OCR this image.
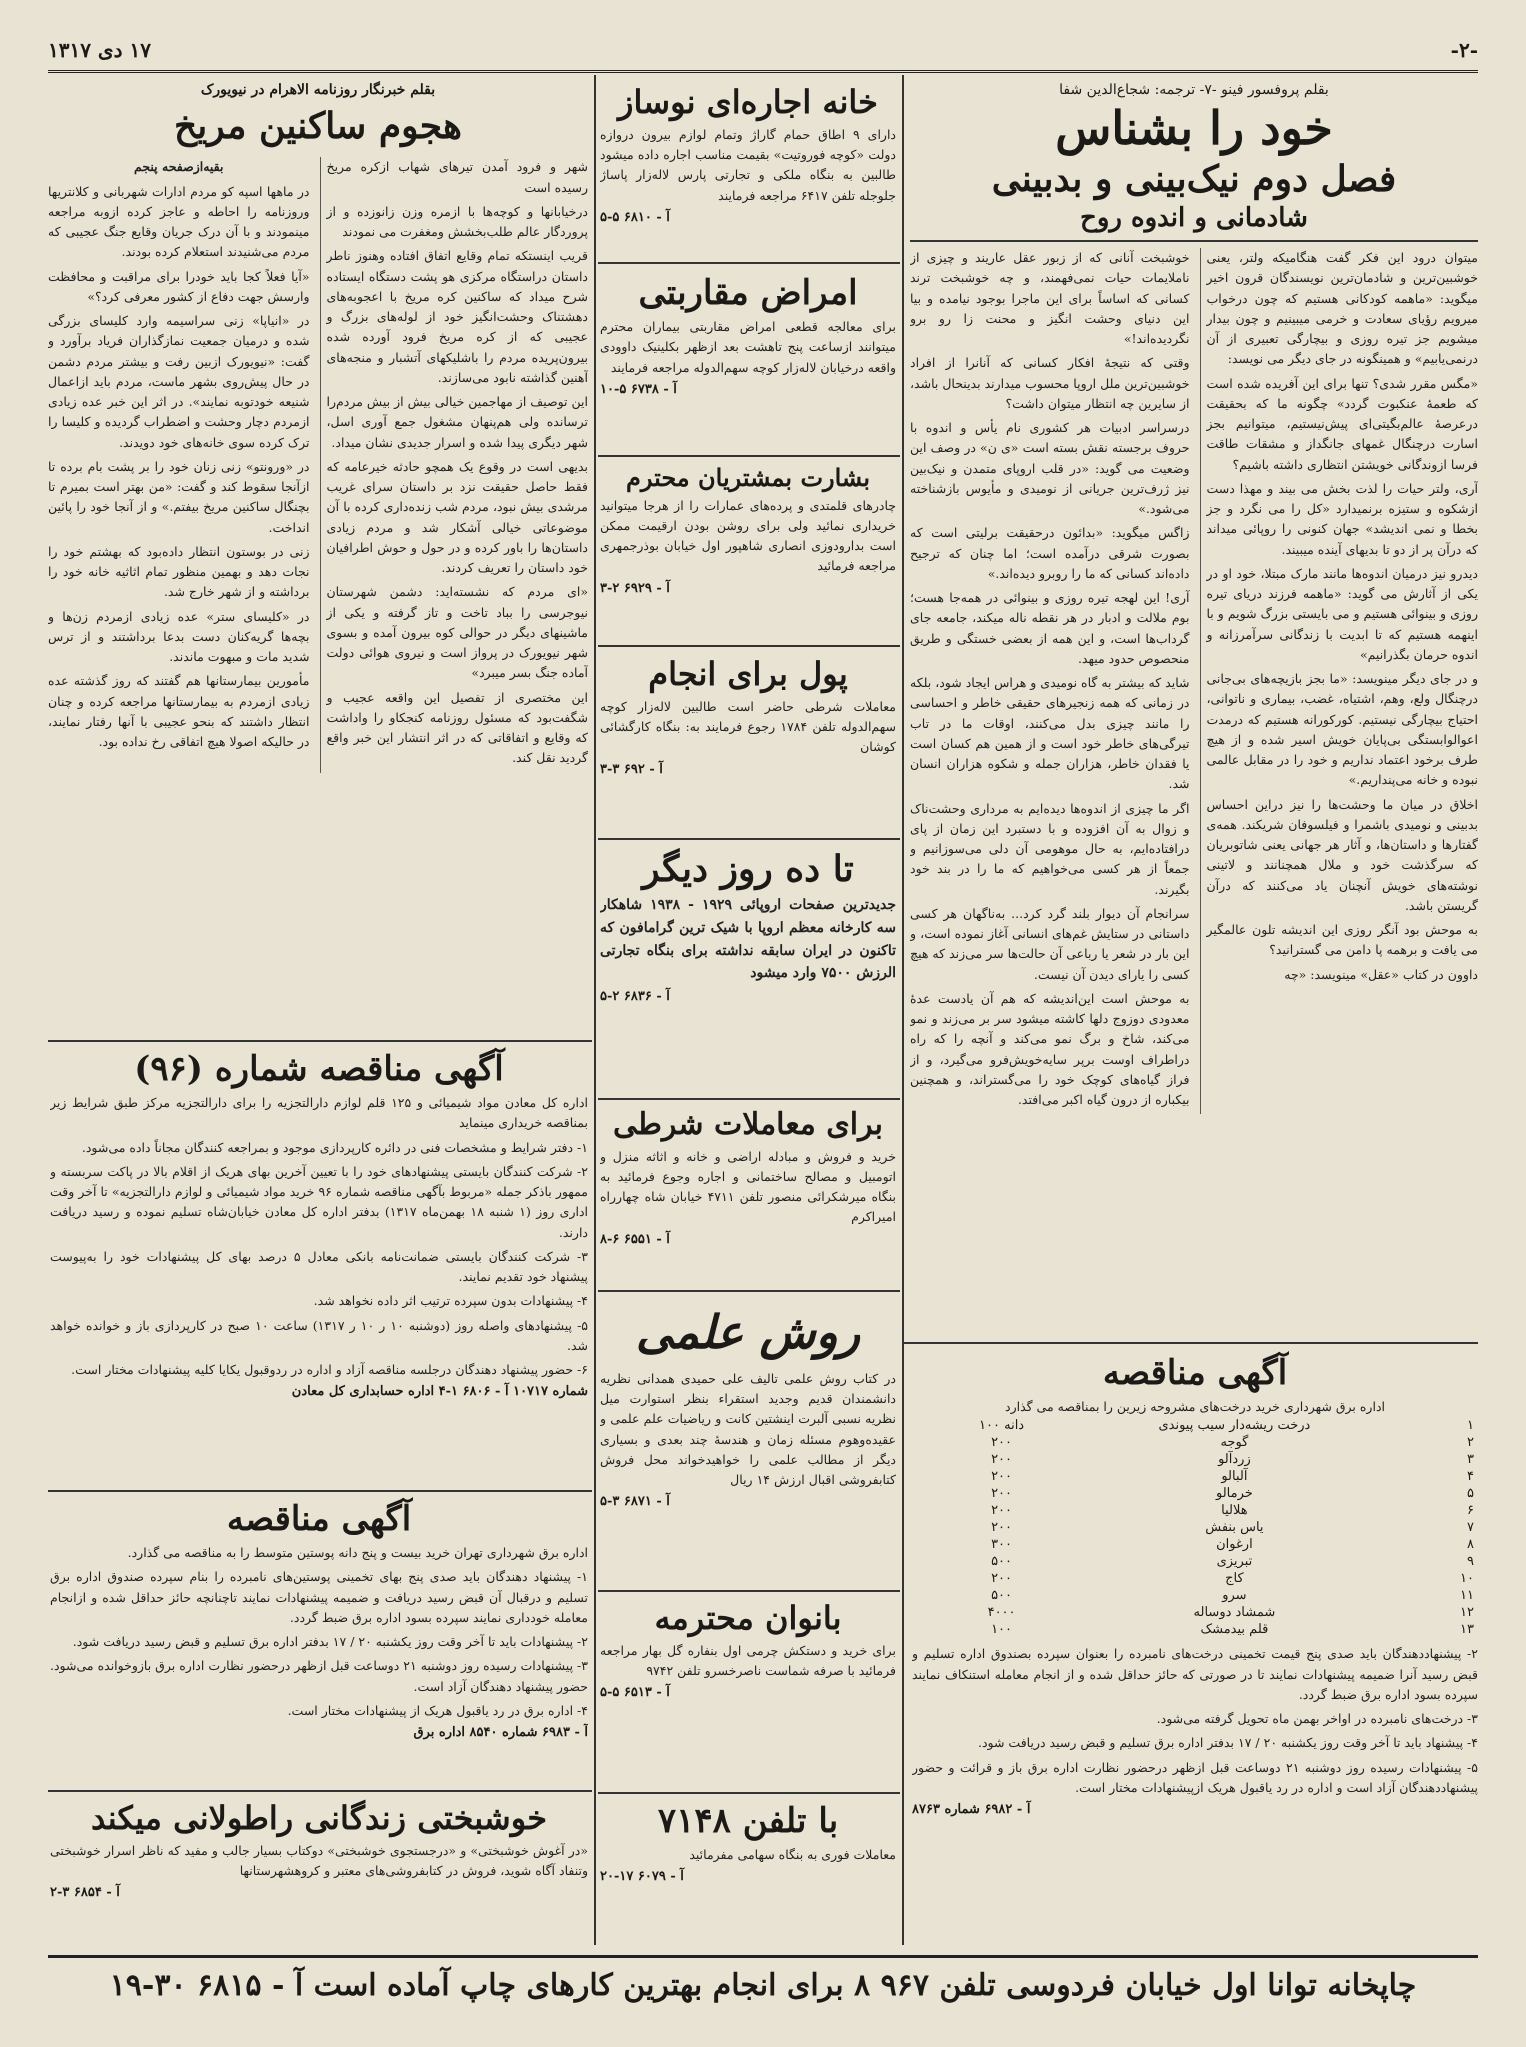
-۲-
۱۷ دی ۱۳۱۷
بقلم پروفسور فینو -۷- ترجمه: شجاع‌الدین شفا
خود را بشناس
فصل دوم نیک‌بینی و بدبینی
شادمانی و اندوه روح

میتوان درود این فکر گفت هنگامیکه ولتر، یعنی خوشبین‌ترین و شادمان‌ترین نویسندگان قرون اخیر میگوید: «ماهمه کودکانی هستیم که چون درخواب میرویم رؤیای سعادت و خرمی میبینیم و چون بیدار میشویم جز تیره روزی و بیچارگی تعبیری از آن درنمی‌یابیم» و همینگونه در جای دیگر می نویسد:

«مگس مقرر شدی؟ تنها برای این آفریده شده است که طعمهٔ عنکبوت گردد» چگونه ما که بحقیقت درعرصهٔ عالم‌بگیتی‌ای پیش‌نیستیم، میتوانیم بجز اسارت درچنگال غمهای جانگداز و مشقات طاقت فرسا ازوندگانی خویشتن انتظاری داشته باشیم؟

آری، ولتر حیات را لذت بخش می بیند و مهذا دست ازشکوه و ستیزه برنمیدارد «کل را می نگرد و جز بخطا و نمی اندیشد» جهان کنونی را روپائی میداند که درآن پر از دو تا بدیهای آینده میبیند.

دیدرو نیز درمیان اندوه‌ها مانند مارک مبتلا، خود او در یکی از آثارش می گوید: «ماهمه فرزند دریای تیره روزی و بینوائی هستیم و می بایستی بزرگ شویم و با اینهمه هستیم که تا ابدیت با زندگانی سرآمرزانه و اندوه حرمان بگذرانیم»

و در جای دیگر مینویسد: «ما بجز بازیچه‌های بی‌جانی درچنگال ولع، وهم، اشتیاه، غضب، بیماری و ناتوانی، احتیاج بیچارگی نیستیم. کورکورانه هستیم که درمدت اعوالوابستگی بی‌پایان خویش اسیر شده و از هیچ طرف برخود اعتماد نداریم و خود را در مقابل عالمی نبوده و خانه می‌پنداریم.»

اخلاق در میان ما وحشت‌ها را نیز دراین احساس بدبینی و نومیدی باشمرا و فیلسوفان شریکند. همه‌ی گفتار‌ها و داستان‌ها، و آثار هر جهانی یعنی شاتوبریان که سرگذشت خود و ملال همچنانند و لاتینی نوشته‌های خویش آنچنان یاد می‌کنند که درآن گریستن باشد.

به موحش بود آنگر روزی این اندیشه تلون عالمگیر می یافت و برهمه پا دامن می گسترانید؟

داوون در کتاب «عقل» مینویسد: «چه

خوشبخت آنانی که از زبور عقل عاریند و چیزی از ناملایمات حیات نمی‌فهمند، و چه خوشبخت ترند کسانی که اساساً برای این ماجرا بوجود نیامده و بیا این دنیای وحشت انگیز و محنت زا رو برو نگردیده‌اند!»

وقتی که نتیجهٔ افکار کسانی که آنانرا از افراد خوشبین‌ترین ملل اروپا محسوب میدارند بدینحال باشد، از سایرین چه انتظار میتوان داشت؟

درسراسر ادبیات هر کشوری نام یأس و اندوه با حروف برجسته نقش بسته است «ی ن» در وصف این وضعیت می گوید: «در قلب اروپای متمدن و نیک‌بین نیز ژرف‌ترین جریانی از نومیدی و مأیوس بازشناخته می‌شود.»

زاگس میگوید: «بدائون درحقیقت برلیتی است که بصورت شرقی درآمده است؛ اما چنان که ترجیح داده‌اند کسانی که ما را روبرو دیده‌اند.»

آری! این لهجه تیره روزی و بینوائی در همه‌جا هست؛ بوم ملالت و ادبار در هر نقطه ناله میکند، جامعه جای گرداب‌ها است، و این همه از بعضی خستگی و طریق منحصوص حدود میهد.

شاید که بیشتر به گاه نومیدی و هراس ایجاد شود، بلکه در زمانی که همه زنجیر‌های حقیقی خاطر و احساسی را مانند چیزی بدل می‌کنند، اوقات ما در تاب تیرگی‌های خاطر خود است و از همین هم کسان است یا فقدان خاطر، هزاران جمله و شکوه هزاران انسان شد.

اگر ما چیزی از اندوه‌ها دیده‌ایم به مرداری وحشت‌ناک و زوال به آن افزوده و با دستبرد این زمان از پای درافتاده‌ایم، به حال موهومی آن دلی می‌سوزانیم و جمعاً از هر کسی می‌خواهیم که ما را در بند خود بگیرند.

سرانجام آن دیوار بلند گرد کرد... به‌ناگهان هر کسی داستانی در ستایش غم‌های انسانی آغاز نموده است، و این بار در شعر یا رباعی آن حالت‌ها سر می‌زند که هیچ کسی را یارای دیدن آن نیست.

به موحش است این‌اندیشه که هم آن یادست عدهٔ معدودی دوزوج دلها کاشته میشود سر بر می‌زند و نمو می‌کند، شاخ و برگ نمو می‌کند و آنچه را که راه دراطراف اوست برپر سایه‌خویش‌فرو می‌گیرد، و از فراز گیاه‌های کوچک خود را می‌گستراند، و همچنین بیکباره از درون گیاه اکبر می‌افتد.

آگهی مناقصه
اداره برق شهرداری خرید درخت‌های مشروحه زیرین را بمناقصه می گذارد
۱	درخت ریشه‌دار سیب پیوندی	۱۰۰ دانه
۲	گوجه	۲۰۰
۳	زردآلو	۲۰۰
۴	آلبالو	۲۰۰
۵	خرمالو	۲۰۰
۶	هلالیا	۲۰۰
۷	یاس بنفش	۲۰۰
۸	ارغوان	۳۰۰
۹	تبریزی	۵۰۰
۱۰	کاج	۲۰۰
۱۱	سرو	۵۰۰
۱۲	شمشاد دوساله	۴۰۰۰
۱۳	قلم بیدمشک	۱۰۰

۲- پیشنهاددهندگان باید صدی پنج قیمت تخمینی درخت‌های نامبرده را بعنوان سپرده بصندوق اداره تسلیم و قبض رسید آنرا ضمیمه پیشنهادات نمایند تا در صورتی که حائز حداقل شده و از انجام معامله استنکاف نمایند سپرده بسود اداره برق ضبط گردد.

۳- درخت‌های نامبرده در اواخر بهمن ماه تحویل گرفته می‌شود.

۴- پیشنهاد باید تا آخر وقت روز یکشنبه ۲۰ / ۱۷ بدفتر اداره برق تسلیم و قبض رسید دریافت شود.

۵- پیشنهادات رسیده روز دوشنبه ۲۱ دوساعت قبل ازظهر درحضور نظارت اداره برق باز و قرائت و حضور پیشنهاددهندگان آزاد است و اداره در رد یاقبول هریک ازپیشنهادات مختار است.

آ - ۶۹۸۲ شماره ۸۷۶۳
خانه اجاره‌ای نوساز
دارای ۹ اطاق حمام گاراژ وتمام لوازم بیرون دروازه دولت «کوچه فوروتیت» بقیمت مناسب اجاره داده میشود طالبین به بنگاه ملکی و تجارتی پارس لاله‌زار پاساژ جلوجله تلفن ۶۴۱۷ مراجعه فرمایند
آ - ۶۸۱۰ ۵-۵
امراض مقاربتی
برای معالجه قطعی امراض مقاربتی بیماران محترم میتوانند ازساعت پنج تاهشت بعد ازظهر بکلینیک داوودی واقعه درخیابان لاله‌زار کوچه سهم‌الدوله مراجعه فرمایند
آ - ۶۷۳۸ ۵-۱۰
بشارت بمشتریان محترم
چادرهای قلمتدی و پرده‌های عمارات را از هرجا میتوانید خریداری نمائید ولی برای روشن بودن ارقیمت ممکن است بدارودوزی انصاری شاهپور اول خیابان بوذرجمهری مراجعه فرمائید
آ - ۶۹۲۹ ۲-۳
پول برای انجام
معاملات شرطی حاضر است طالبین لاله‌زار کوچه سهم‌الدوله تلفن ۱۷۸۴ رجوع فرمایند به: بنگاه کارگشائی کوشان
آ - ۶۹۲ ۳-۳
تا ده روز دیگر
جدیدترین صفحات اروپائی ۱۹۲۹ - ۱۹۳۸ شاهکار سه کارخانه معظم اروپا با شیک ترین گرامافون که تاکنون در ایران سابقه نداشته برای بنگاه تجارتی الرزش ۷۵۰۰ وارد میشود
آ - ۶۸۳۶ ۲-۵
برای معاملات شرطی
خرید و فروش و مبادله اراضی و خانه و اثاثه منزل و اتومبیل و مصالح ساختمانی و اجاره وجوع فرمائید به بنگاه میرشکرائی منصور تلفن ۴۷۱۱ خیابان شاه چهارراه امیراکرم
آ - ۶۵۵۱ ۶-۸
روش علمی
در کتاب روش علمی تالیف علی حمیدی همدانی نظریه دانشمندان قدیم وجدید استقراء بنظر استوارت میل نظریه نسبی آلبرت اینشتین کانت و ریاضیات علم علمی و عقیده‌وهوم مسئله زمان و هندسهٔ چند بعدی و بسیاری دیگر از مطالب علمی را خواهیدخواند محل فروش کتابفروشی اقبال ارزش ۱۴ ریال
آ - ۶۸۷۱ ۳-۵
بانوان محترمه
برای خرید و دستکش چرمی اول بنفاره گل بهار مراجعه فرمائید با صرفه شماست ناصرخسرو تلفن ۹۷۴۲
آ - ۶۵۱۳ ۵-۵
با تلفن ۷۱۴۸
معاملات فوری به بنگاه سهامی مفرمائید
آ - ۶۰۷۹ ۱۷-۲۰
بقلم خبرنگار روزنامه الاهرام در نیویورک
هجوم ساکنین مریخ

شهر و فرود آمدن تیرهای شهاب ازکره مریخ رسیده است

درخیابانها و کوچه‌ها با ازمره وزن زانوزده و از پروردگار عالم طلب‌بخشش ومغفرت می نمودند

قریب اینستکه تمام وقایع اتفاق افتاده وهنوز ناطر داستان دراستگاه مرکزی هو پشت دستگاه ایستاده شرح میداد که ساکنین کره مریخ با اعجوبه‌های دهشتناک وحشت‌انگیز خود از لوله‌های بزرگ و عجیبی که از کره مریخ فرود آورده شده بیرون‌پریده مردم را باشلیکهای آتشبار و منجه‌های آهنین گذاشته نابود می‌سازند.

این توصیف از مهاجمین خیالی بیش از بیش مردم‌را ترسانده ولی هم‌پنهان مشغول جمع آوری اسل، شهر دیگری پیدا شده و اسرار جدیدی نشان میداد.

بدیهی است در وقوع یک همچو حادثه خیرعامه که فقط حاصل حقیقت نزد بر داستان سرای غریب مرشدی بیش نبود، مردم شب زنده‌داری کرده با آن موضوعاتی خیالی آشکار شد و مردم زیادی داستان‌ها را باور کرده و در حول و حوش اطرافیان خود داستان را تعریف کردند.

«ای مردم که نشسته‌اید: دشمن شهرستان نیوجرسی را بباد تاخت و تاز گرفته و یکی از ماشینهای دیگر در حوالی کوه بیرون آمده و بسوی شهر نیویورک در پرواز است و نیروی هوائی دولت آماده جنگ بسر میبرد»

این مختصری از تفصیل این واقعه عجیب و شگفت‌بود که مسئول روزنامه کنجکاو را واداشت که وقایع و اتفاقاتی که در اثر انتشار این خبر واقع گردید نقل کند.

بقیه‌ازصفحه پنجم

در ماهها اسپه کو مردم ادارات شهربانی و کلانتریها وروزنامه را احاطه و عاجز کرده ازوبه مراجعه مینمودند و با آن درک جریان وقایع جنگ عجیبی که مردم می‌شنیدند استعلام کرده بودند.

«آیا فعلاً کجا باید خودرا برای مراقبت و محافظت وارسش جهت دفاع از کشور معرفی کرد؟»

در «انیاپا» زنی سراسیمه وارد کلیسای بزرگی شده و درمیان جمعیت نمازگذاران فریاد برآورد و گفت: «نیویورک ازبین رفت و بیشتر مردم دشمن در حال پیش‌روی بشهر ماست، مردم باید ازاعمال شنیعه خودتوبه نمایند». در اثر این خبر عده زیادی ازمردم دچار وحشت و اضطراب گردیده و کلیسا را ترک کرده سوی خانه‌های خود دویدند.

در «ورونتو» زنی زنان خود را بر پشت بام برده تا ازآنجا سقوط کند و گفت: «من بهتر است بمیرم تا بچنگال ساکنین مریخ بیفتم.» و از آنجا خود را پائین انداخت.

زنی در بوستون انتظار داده‌بود که بهشتم خود را نجات دهد و بهمین منظور تمام اثاثیه خانه خود را برداشته و از شهر خارج شد.

در «کلیسای ستر» عده زیادی ازمردم زن‌ها و بچه‌ها گریه‌کنان دست بدعا برداشتند و از ترس شدید مات و مبهوت ماندند.

مأمورین بیمارستانها هم گفتند که روز گذشته عده زیادی ازمردم به بیمارستانها مراجعه کرده و چنان انتظار داشتند که بنحو عجیبی با آنها رفتار نمایند، در حالیکه اصولا هیچ اتفاقی رخ نداده بود.

آگهی مناقصه شماره (۹۶)

اداره کل معادن مواد شیمیائی و ۱۲۵ قلم لوازم دارالتجزیه را برای دارالتجزیه مرکز طبق شرایط زیر بمناقصه خریداری مینماید

۱- دفتر شرایط و مشخصات فنی در دائره کارپردازی موجود و بمراجعه کنندگان مجاناً داده می‌شود.

۲- شرکت کنندگان بایستی پیشنهاد‌های خود را با تعیین آخرین بهای هریک از اقلام بالا در پاکت سربسته و ممهور باذکر جمله «مربوط بآگهی مناقصه شماره ۹۶ خرید مواد شیمیائی و لوازم دارالتجزیه» تا آخر وقت اداری روز (۱ شنبه ۱۸ بهمن‌ماه ۱۳۱۷) بدفتر اداره کل معادن خیابان‌شاه تسلیم نموده و رسید دریافت دارند.

۳- شرکت کنندگان بایستی ضمانت‌نامه بانکی معادل ۵ درصد بهای کل پیشنهادات خود را به‌پیوست پیشنهاد خود تقدیم نمایند.

۴- پیشنهادات بدون سپرده ترتیب اثر داده نخواهد شد.

۵- پیشنهادهای واصله روز (دوشنبه ۱۰ ر ۱۰ ر ۱۳۱۷) ساعت ۱۰ صبح در کارپردازی باز و خوانده خواهد شد.

۶- حضور پیشنهاد دهندگان درجلسه مناقصه آزاد و اداره در ردوقبول یکایا کلیه پیشنهادات مختار است.

شماره ۱۰۷۱۷ آ - ۶۸۰۶ ۱-۴ اداره حسابداری کل معادن
آگهی مناقصه

اداره برق شهرداری تهران خرید بیست و پنج دانه پوستین متوسط را به مناقصه می گذارد.

۱- پیشنهاد دهندگان باید صدی پنج بهای تخمینی پوستین‌های نامبرده را بنام سپرده صندوق اداره برق تسلیم و درقبال آن قبض رسید دریافت و ضمیمه پیشنهادات نمایند تاچنانچه حائز حداقل شده و ازانجام معامله خودداری نمایند سپرده بسود اداره برق ضبط گردد.

۲- پیشنهادات باید تا آخر وقت روز یکشنبه ۲۰ / ۱۷ بدفتر اداره برق تسلیم و قبض رسید دریافت شود.

۳- پیشنهادات رسیده روز دوشنبه ۲۱ دوساعت قبل ازظهر درحضور نظارت اداره برق بازوخوانده می‌شود. حضور پیشنهاد دهندگان آزاد است.

۴- اداره برق در رد یاقبول هریک از پیشنهادات مختار است.

آ - ۶۹۸۳ شماره ۸۵۴۰ اداره برق
خوشبختی زندگانی راطولانی میکند
«در آغوش خوشبختی» و «درجستجوی خوشبختی» دوکتاب بسیار جالب و مفید که ناظر اسرار خوشبختی وتنفاد آگاه شوید، فروش در کتابفروشی‌های معتبر و کروهشهرستانها
آ - ۶۸۵۴ ۳-۲
چاپخانه توانا اول خیابان فردوسی تلفن ۹۶۷ ۸ برای انجام بهترین کارهای چاپ آماده است آ - ۶۸۱۵ ۳۰-۱۹
